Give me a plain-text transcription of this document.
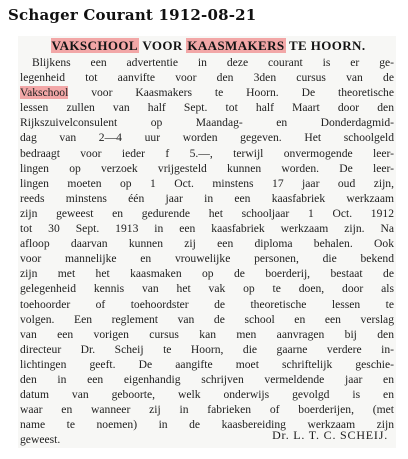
Schager Courant 1912-08-21
VAKSCHOOL VOOR KAASMAKERS TE HOORN.
Blijkens een advertentie in deze courant is er ge-
legenheid tot aanvifte voor den 3den cursus van de
Vakschool voor Kaasmakers te Hoorn. De theoretische
lessen zullen van half Sept. tot half Maart door den
Rijkszuivelconsulent op Maandag- en Donderdagmid-
dag van 2—4 uur worden gegeven. Het schoolgeld
bedraagt voor ieder f 5.—, terwijl onvermogende leer-
lingen op verzoek vrijgesteld kunnen worden. De leer-
lingen moeten op 1 Oct. minstens 17 jaar oud zijn,
reeds minstens één jaar in een kaasfabriek werkzaam
zijn geweest en gedurende het schooljaar 1 Oct. 1912
tot 30 Sept. 1913 in een kaasfabriek werkzaam zijn. Na
afloop daarvan kunnen zij een diploma behalen. Ook
voor mannelijke en vrouwelijke personen, die bekend
zijn met het kaasmaken op de boerderij, bestaat de
gelegenheid kennis van het vak op te doen, door als
toehoorder of toehoordster de theoretische lessen te
volgen. Een reglement van de school en een verslag
van een vorigen cursus kan men aanvragen bij den
directeur Dr. Scheij te Hoorn, die gaarne verdere in-
lichtingen geeft. De aangifte moet schriftelijk geschie-
den in een eigenhandig schrijven vermeldende jaar en
datum van geboorte, welk onderwijs gevolgd is en
waar en wanneer zij in fabrieken of boerderijen, (met
name te noemen) in de kaasbereiding werkzaam zijn
geweest.	Dr. L. T. C. SCHEIJ.
